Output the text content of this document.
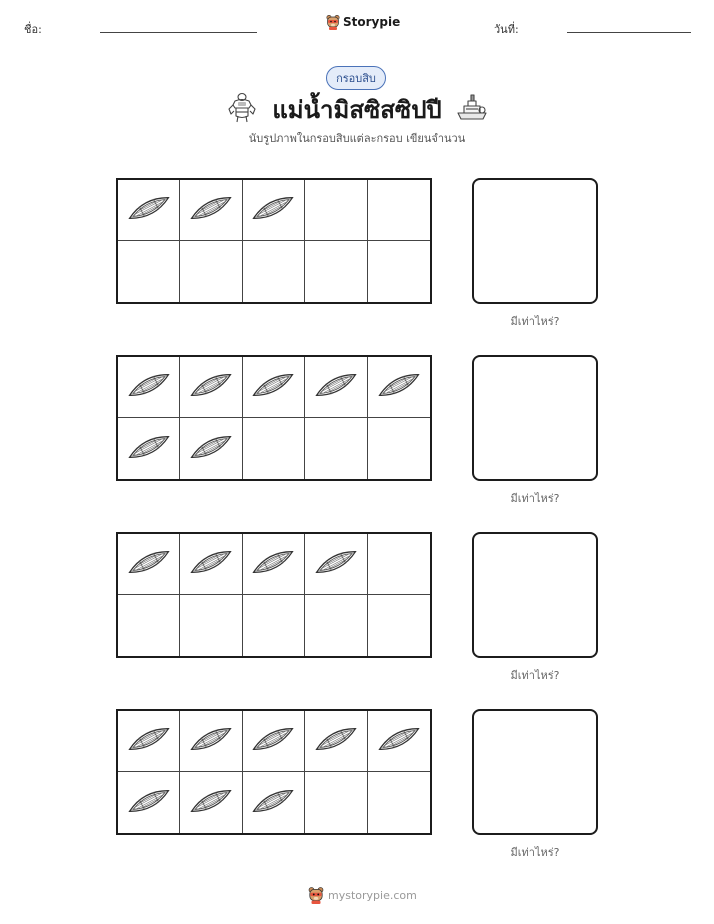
ชื่อ:
Storypie
วันที่:
กรอบสิบ
แม่น้ำมิสซิสซิปปี
นับรูปภาพในกรอบสิบแต่ละกรอบ เขียนจำนวน
มีเท่าไหร่?
มีเท่าไหร่?
มีเท่าไหร่?
มีเท่าไหร่?
mystorypie.com
